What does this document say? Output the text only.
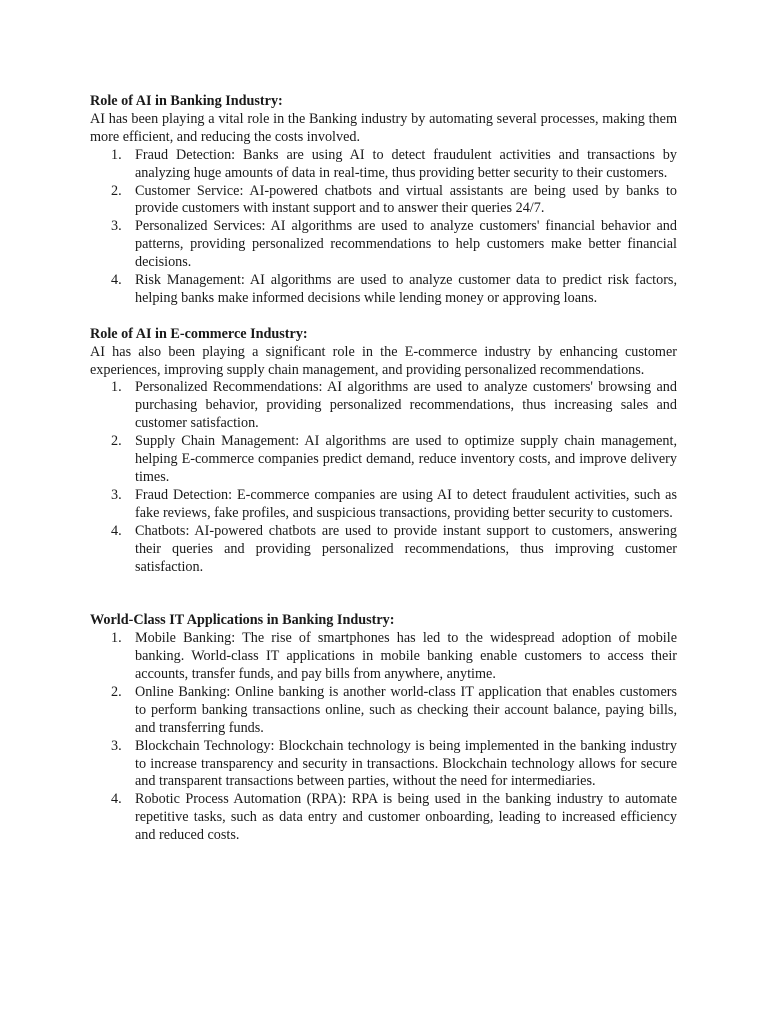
Role of AI in Banking Industry:

AI has been playing a vital role in the Banking industry by automating several processes, making them more efficient, and reducing the costs involved.

1. Fraud Detection: Banks are using AI to detect fraudulent activities and transactions by analyzing huge amounts of data in real-time, thus providing better security to their customers.
2. Customer Service: AI-powered chatbots and virtual assistants are being used by banks to provide customers with instant support and to answer their queries 24/7.
3. Personalized Services: AI algorithms are used to analyze customers' financial behavior and patterns, providing personalized recommendations to help customers make better financial decisions.
4. Risk Management: AI algorithms are used to analyze customer data to predict risk factors, helping banks make informed decisions while lending money or approving loans.

Role of AI in E-commerce Industry:

AI has also been playing a significant role in the E-commerce industry by enhancing customer experiences, improving supply chain management, and providing personalized recommendations.

1. Personalized Recommendations: AI algorithms are used to analyze customers' browsing and purchasing behavior, providing personalized recommendations, thus increasing sales and customer satisfaction.
2. Supply Chain Management: AI algorithms are used to optimize supply chain management, helping E-commerce companies predict demand, reduce inventory costs, and improve delivery times.
3. Fraud Detection: E-commerce companies are using AI to detect fraudulent activities, such as fake reviews, fake profiles, and suspicious transactions, providing better security to customers.
4. Chatbots: AI-powered chatbots are used to provide instant support to customers, answering their queries and providing personalized recommendations, thus improving customer satisfaction.

World-Class IT Applications in Banking Industry:

1. Mobile Banking: The rise of smartphones has led to the widespread adoption of mobile banking. World-class IT applications in mobile banking enable customers to access their accounts, transfer funds, and pay bills from anywhere, anytime.
2. Online Banking: Online banking is another world-class IT application that enables customers to perform banking transactions online, such as checking their account balance, paying bills, and transferring funds.
3. Blockchain Technology: Blockchain technology is being implemented in the banking industry to increase transparency and security in transactions. Blockchain technology allows for secure and transparent transactions between parties, without the need for intermediaries.
4. Robotic Process Automation (RPA): RPA is being used in the banking industry to automate repetitive tasks, such as data entry and customer onboarding, leading to increased efficiency and reduced costs.
